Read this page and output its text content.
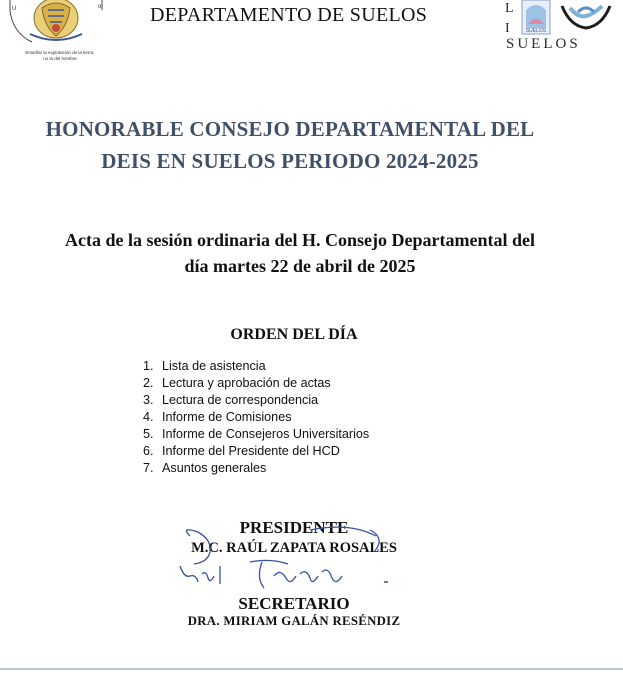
U	o
Enseñar la explotación de la tierra,
no la del hombre
DEPARTAMENTO DE SUELOS	L
I	SUELOS
SUELOS
HONORABLE CONSEJO DEPARTAMENTAL DEL
DEIS EN SUELOS PERIODO 2024-2025
Acta de la sesión ordinaria del H. Consejo Departamental del
día martes 22 de abril de 2025
ORDEN DEL DÍA
1. Lista de asistencia
2. Lectura y aprobación de actas
3. Lectura de correspondencia
4. Informe de Comisiones
5. Informe de Consejeros Universitarios
6. Informe del Presidente del HCD
7. Asuntos generales
PRESIDENTE
M.C. RAÚL ZAPATA ROSALES
SECRETARIO
DRA. MIRIAM GALÁN RESÉNDIZ
